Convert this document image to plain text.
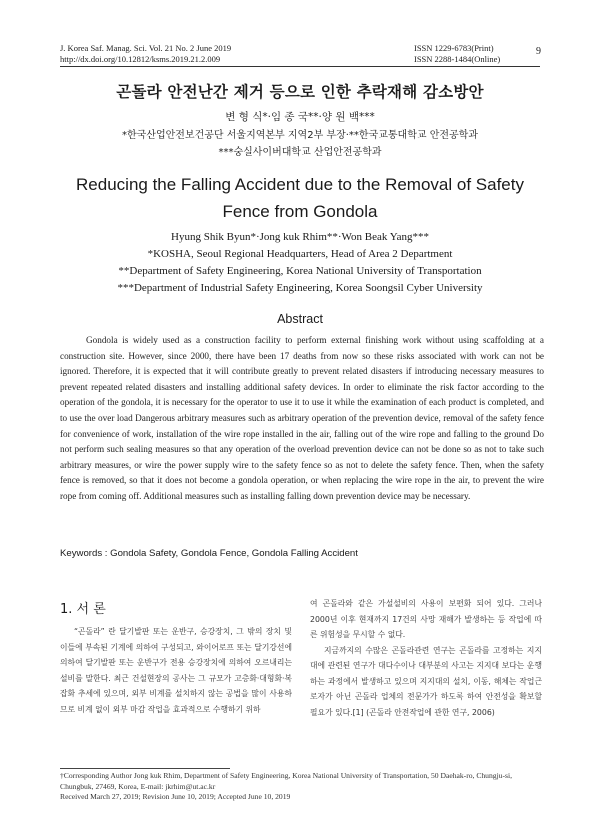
J. Korea Saf. Manag. Sci. Vol. 21 No. 2 June 2019
http://dx.doi.org/10.12812/ksms.2019.21.2.009
ISSN 1229-6783(Print)
ISSN 2288-1484(Online)
9
곤돌라 안전난간 제거 등으로 인한 추락재해 감소방안
변 형 식*·임 종 국**·양 원 백***
*한국산업안전보건공단 서울지역본부 지역2부 부장·**한국교통대학교 안전공학과
***숭실사이버대학교 산업안전공학과
Reducing the Falling Accident due to the Removal of Safety
Fence from Gondola
Hyung Shik Byun*·Jong kuk Rhim**·Won Beak Yang***
*KOSHA, Seoul Regional Headquarters, Head of Area 2 Department
**Department of Safety Engineering, Korea National University of Transportation
***Department of Industrial Safety Engineering, Korea Soongsil Cyber University
Abstract

Gondola is widely used as a construction facility to perform external finishing work without using scaffolding at a construction site. However, since 2000, there have been 17 deaths from now so these risks associated with work can not be ignored. Therefore, it is expected that it will contribute greatly to prevent related disasters if introducing necessary measures to prevent repeated related disasters and installing additional safety devices. In order to eliminate the risk factor according to the operation of the gondola, it is necessary for the operator to use it to use it while the examination of each product is completed, and to use the over load Dangerous arbitrary measures such as arbitrary operation of the prevention device, removal of the safety fence for convenience of work, installation of the wire rope installed in the air, falling out of the wire rope and falling to the ground Do not perform such sealing measures so that any operation of the overload prevention device can not be done so as not to take such arbitrary measures, or wire the power supply wire to the safety fence so as not to delete the safety fence. Then, when the safety fence is removed, so that it does not become a gondola operation, or when replacing the wire rope in the air, to prevent the wire rope from coming off. Additional measures such as installing falling down prevention device may be necessary.

Keywords : Gondola Safety, Gondola Fence, Gondola Falling Accident
1. 서 론

“곤돌라” 란 달기발판 또는 운반구, 승강장치, 그 밖의 장치 및 이들에 부속된 기계에 의하여 구성되고, 와이어로프 또는 달기강선에 의하여 달기발판 또는 운반구가 전용 승강장치에 의하여 오르내리는 설비를 말한다. 최근 건설현장의 공사는 그 규모가 고층화·대형화·복잡화 추세에 있으며, 외부 비계를 설치하지 않는 공법을 많이 사용하므로 비계 없이 외부 마감 작업을 효과적으로 수행하기 위하

여 곤돌라와 같은 가설설비의 사용이 보편화 되어 있다. 그러나 2000년 이후 현재까지 17건의 사망 재해가 발생하는 등 작업에 따른 위험성을 무시할 수 없다.

지금까지의 수많은 곤돌라관련 연구는 곤돌라를 고정하는 지지대에 관련된 연구가 대다수이나 대부분의 사고는 지지대 보다는 운행하는 과정에서 발생하고 있으며 지지대의 설치, 이동, 해체는 작업근로자가 아닌 곤돌라 업체의 전문가가 하도록 하여 안전성을 확보할 필요가 있다.[1] (곤돌라 안전작업에 관한 연구, 2006)

†Corresponding Author Jong kuk Rhim, Department of Safety Engineering, Korea National University of Transportation, 50 Daehak-ro, Chungju-si, Chungbuk, 27469, Korea, E-mail: jkrhim@ut.ac.kr
Received March 27, 2019; Revision June 10, 2019; Accepted June 10, 2019
